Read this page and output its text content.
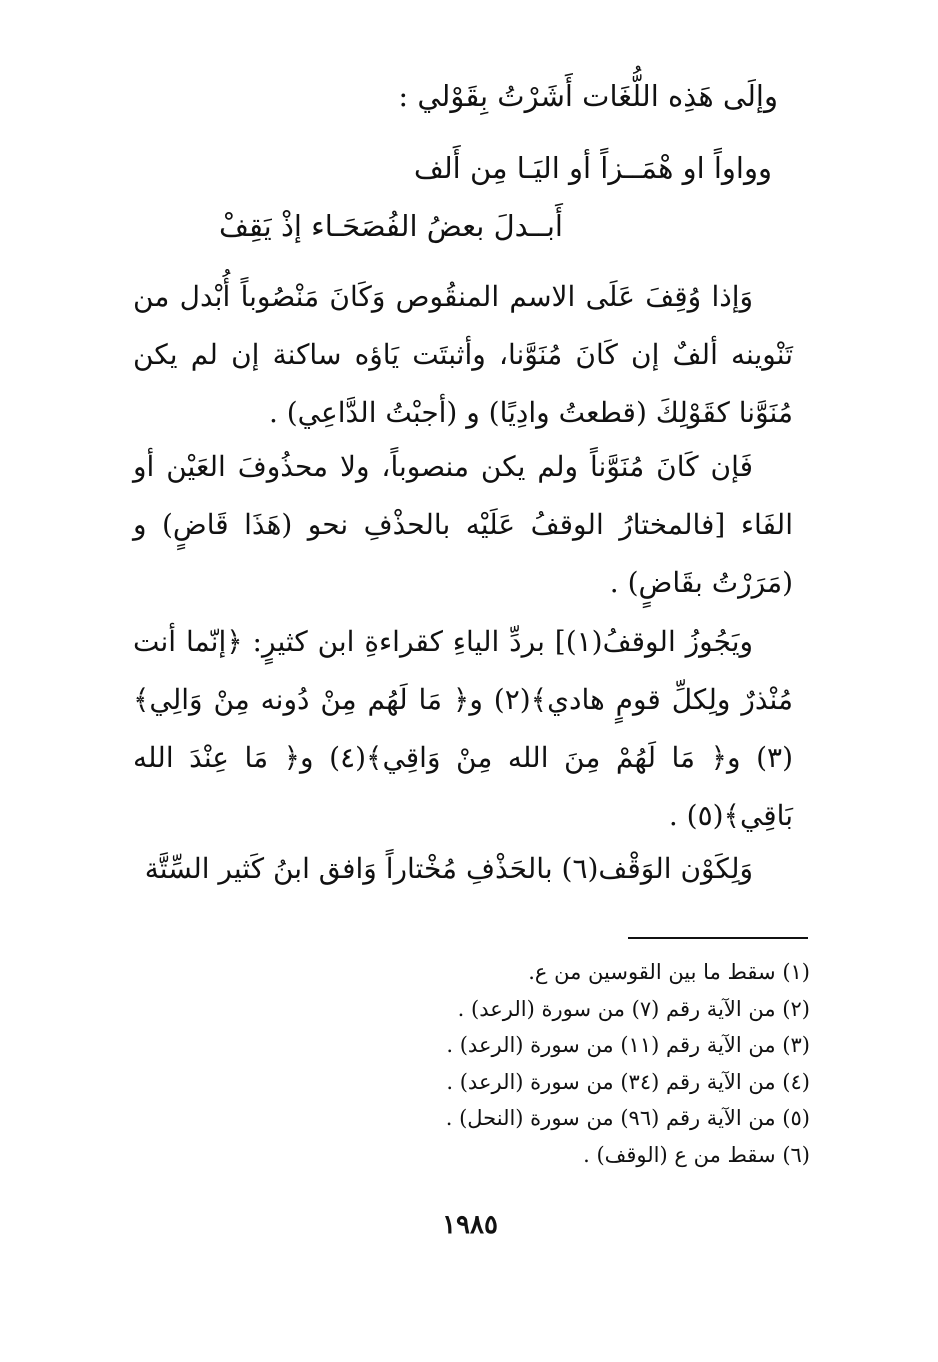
وإلَى هَذِه اللُّغَات أَشَرْتُ بِقَوْلي :

وواواً او هْمَــزاً أو اليَـا مِن أَلف

أَبــدلَ بعضُ الفُصَحَـاء إذْ يَقِفْ

وَإذا وُقِفَ عَلَى الاسم المنقُوص وَكَانَ مَنْصُوباً أُبْدل من تَنْوينه ألفٌ إن كَانَ مُنَوَّنا، وأثبتَت يَاؤه ساكنة إن لم يكن مُنَوَّنا كقَوْلِكَ (قطعتُ وادِيًا) و (أجبْتُ الدَّاعِي) .

فَإن كَانَ مُنَوَّناً ولم يكن منصوباً، ولا محذُوفَ العَيْن أو الفَاء [فالمختارُ الوقفُ عَلَيْه بالحذْفِ نحو (هَذَا قَاضٍ) و (مَرَرْتُ بقَاضٍ) .

ويَجُوزُ الوقفُ(١)] بردِّ الياءِ كقراءةِ ابن كثيرٍ: ﴿إنّما أنت مُنْذرٌ ولِكلِّ قومٍ هادي﴾(٢) و﴿ مَا لَهُم مِنْ دُونه مِنْ وَالِي﴾(٣) و﴿ مَا لَهُمْ مِنَ الله مِنْ وَاقِي﴾(٤) و﴿ مَا عِنْدَ الله بَاقِي﴾(٥) .

وَلِكَوْن الوَقْف(٦) بالحَذْفِ مُخْتاراً وَافق ابنُ كَثير السِّتَّة

(١) سقط ما بين القوسين من ع.
(٢) من الآية رقم (٧) من سورة (الرعد) .
(٣) من الآية رقم (١١) من سورة (الرعد) .
(٤) من الآية رقم (٣٤) من سورة (الرعد) .
(٥) من الآية رقم (٩٦) من سورة (النحل) .
(٦) سقط من ع (الوقف) .
١٩٨٥
